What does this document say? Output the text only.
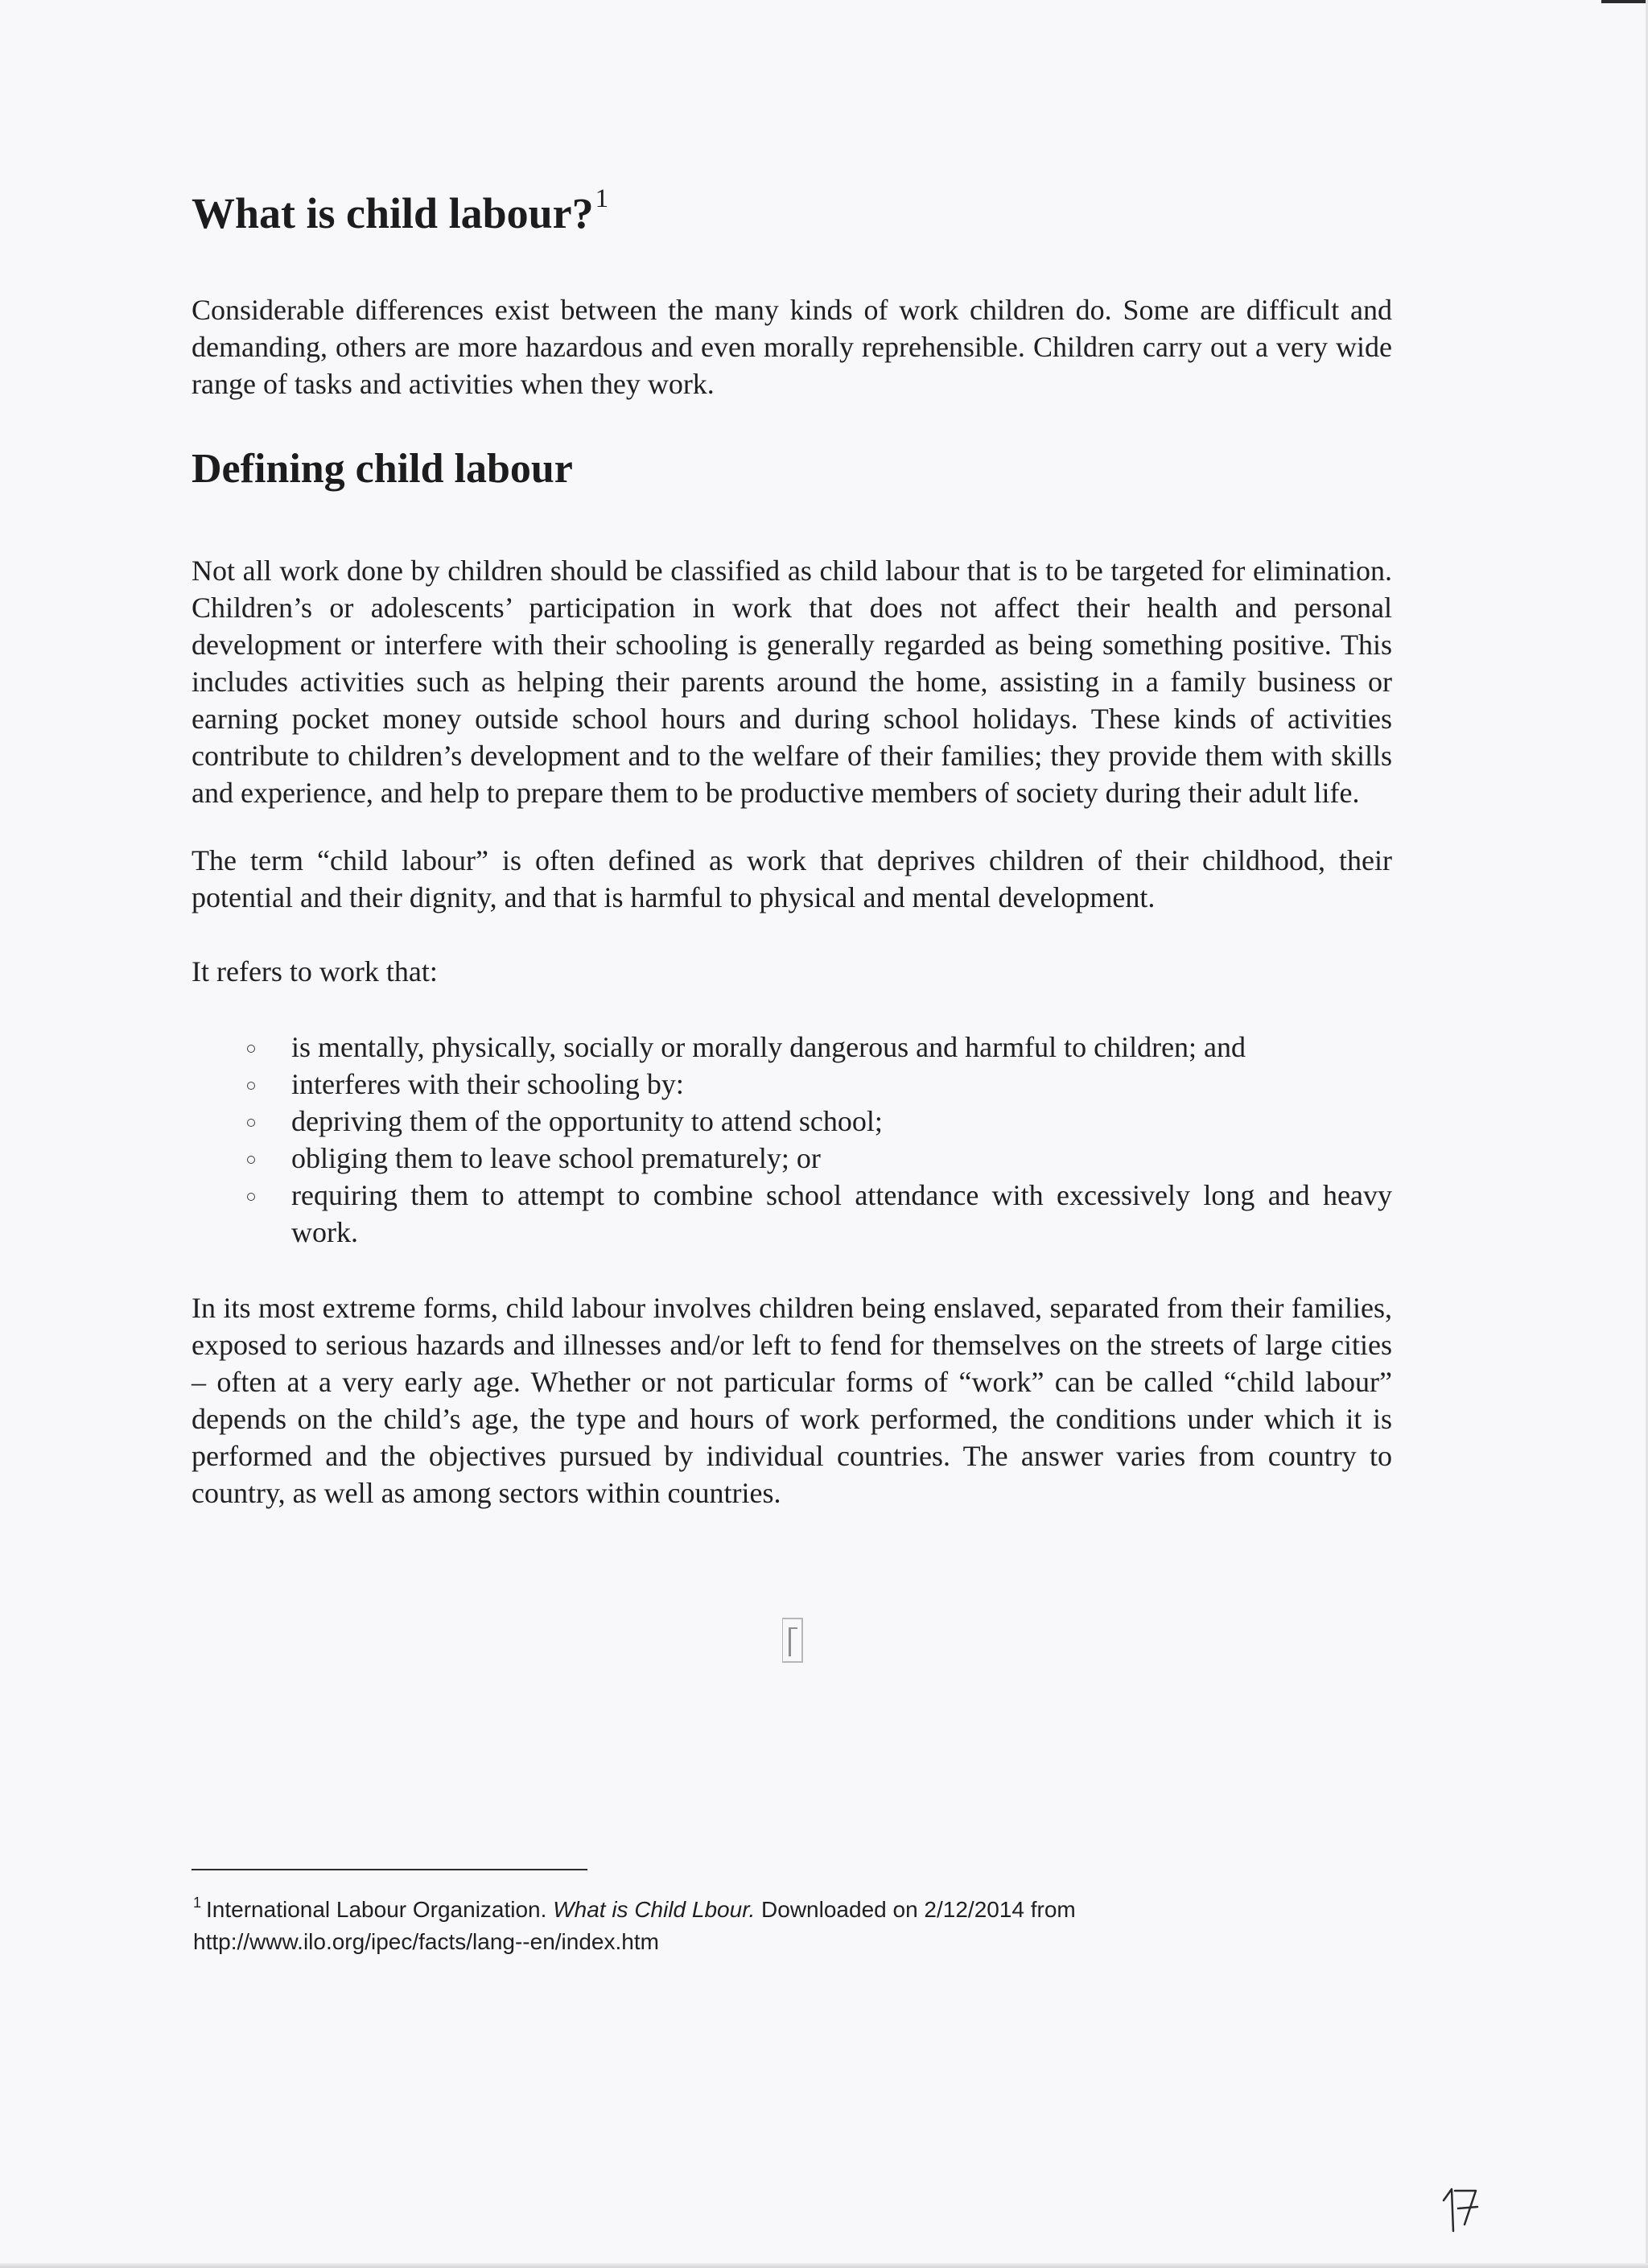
What is child labour?$^1$

Considerable differences exist between the many kinds of work children do. Some are difficult and demanding, others are more hazardous and even morally reprehensible. Children carry out a very wide range of tasks and activities when they work.

Defining child labour

Not all work done by children should be classified as child labour that is to be targeted for elimination. Children’s or adolescents’ participation in work that does not affect their health and personal development or interfere with their schooling is generally regarded as being something positive. This includes activities such as helping their parents around the home, assisting in a family business or earning pocket money outside school hours and during school holidays. These kinds of activities contribute to children’s development and to the welfare of their families; they provide them with skills and experience, and help to prepare them to be productive members of society during their adult life.

The term “child labour” is often defined as work that deprives children of their childhood, their potential and their dignity, and that is harmful to physical and mental development.

It refers to work that:

is mentally, physically, socially or morally dangerous and harmful to children; and
interferes with their schooling by:
depriving them of the opportunity to attend school;
obliging them to leave school prematurely; or
requiring them to attempt to combine school attendance with excessively long and heavy work.

In its most extreme forms, child labour involves children being enslaved, separated from their families, exposed to serious hazards and illnesses and/or left to fend for themselves on the streets of large cities – often at a very early age. Whether or not particular forms of “work” can be called “child labour” depends on the child’s age, the type and hours of work performed, the conditions under which it is performed and the objectives pursued by individual countries. The answer varies from country to country, as well as among sectors within countries.

$^1$ International Labour Organization. What is Child Lbour. Downloaded on 2/12/2014 from
http://www.ilo.org/ipec/facts/lang--en/index.htm
